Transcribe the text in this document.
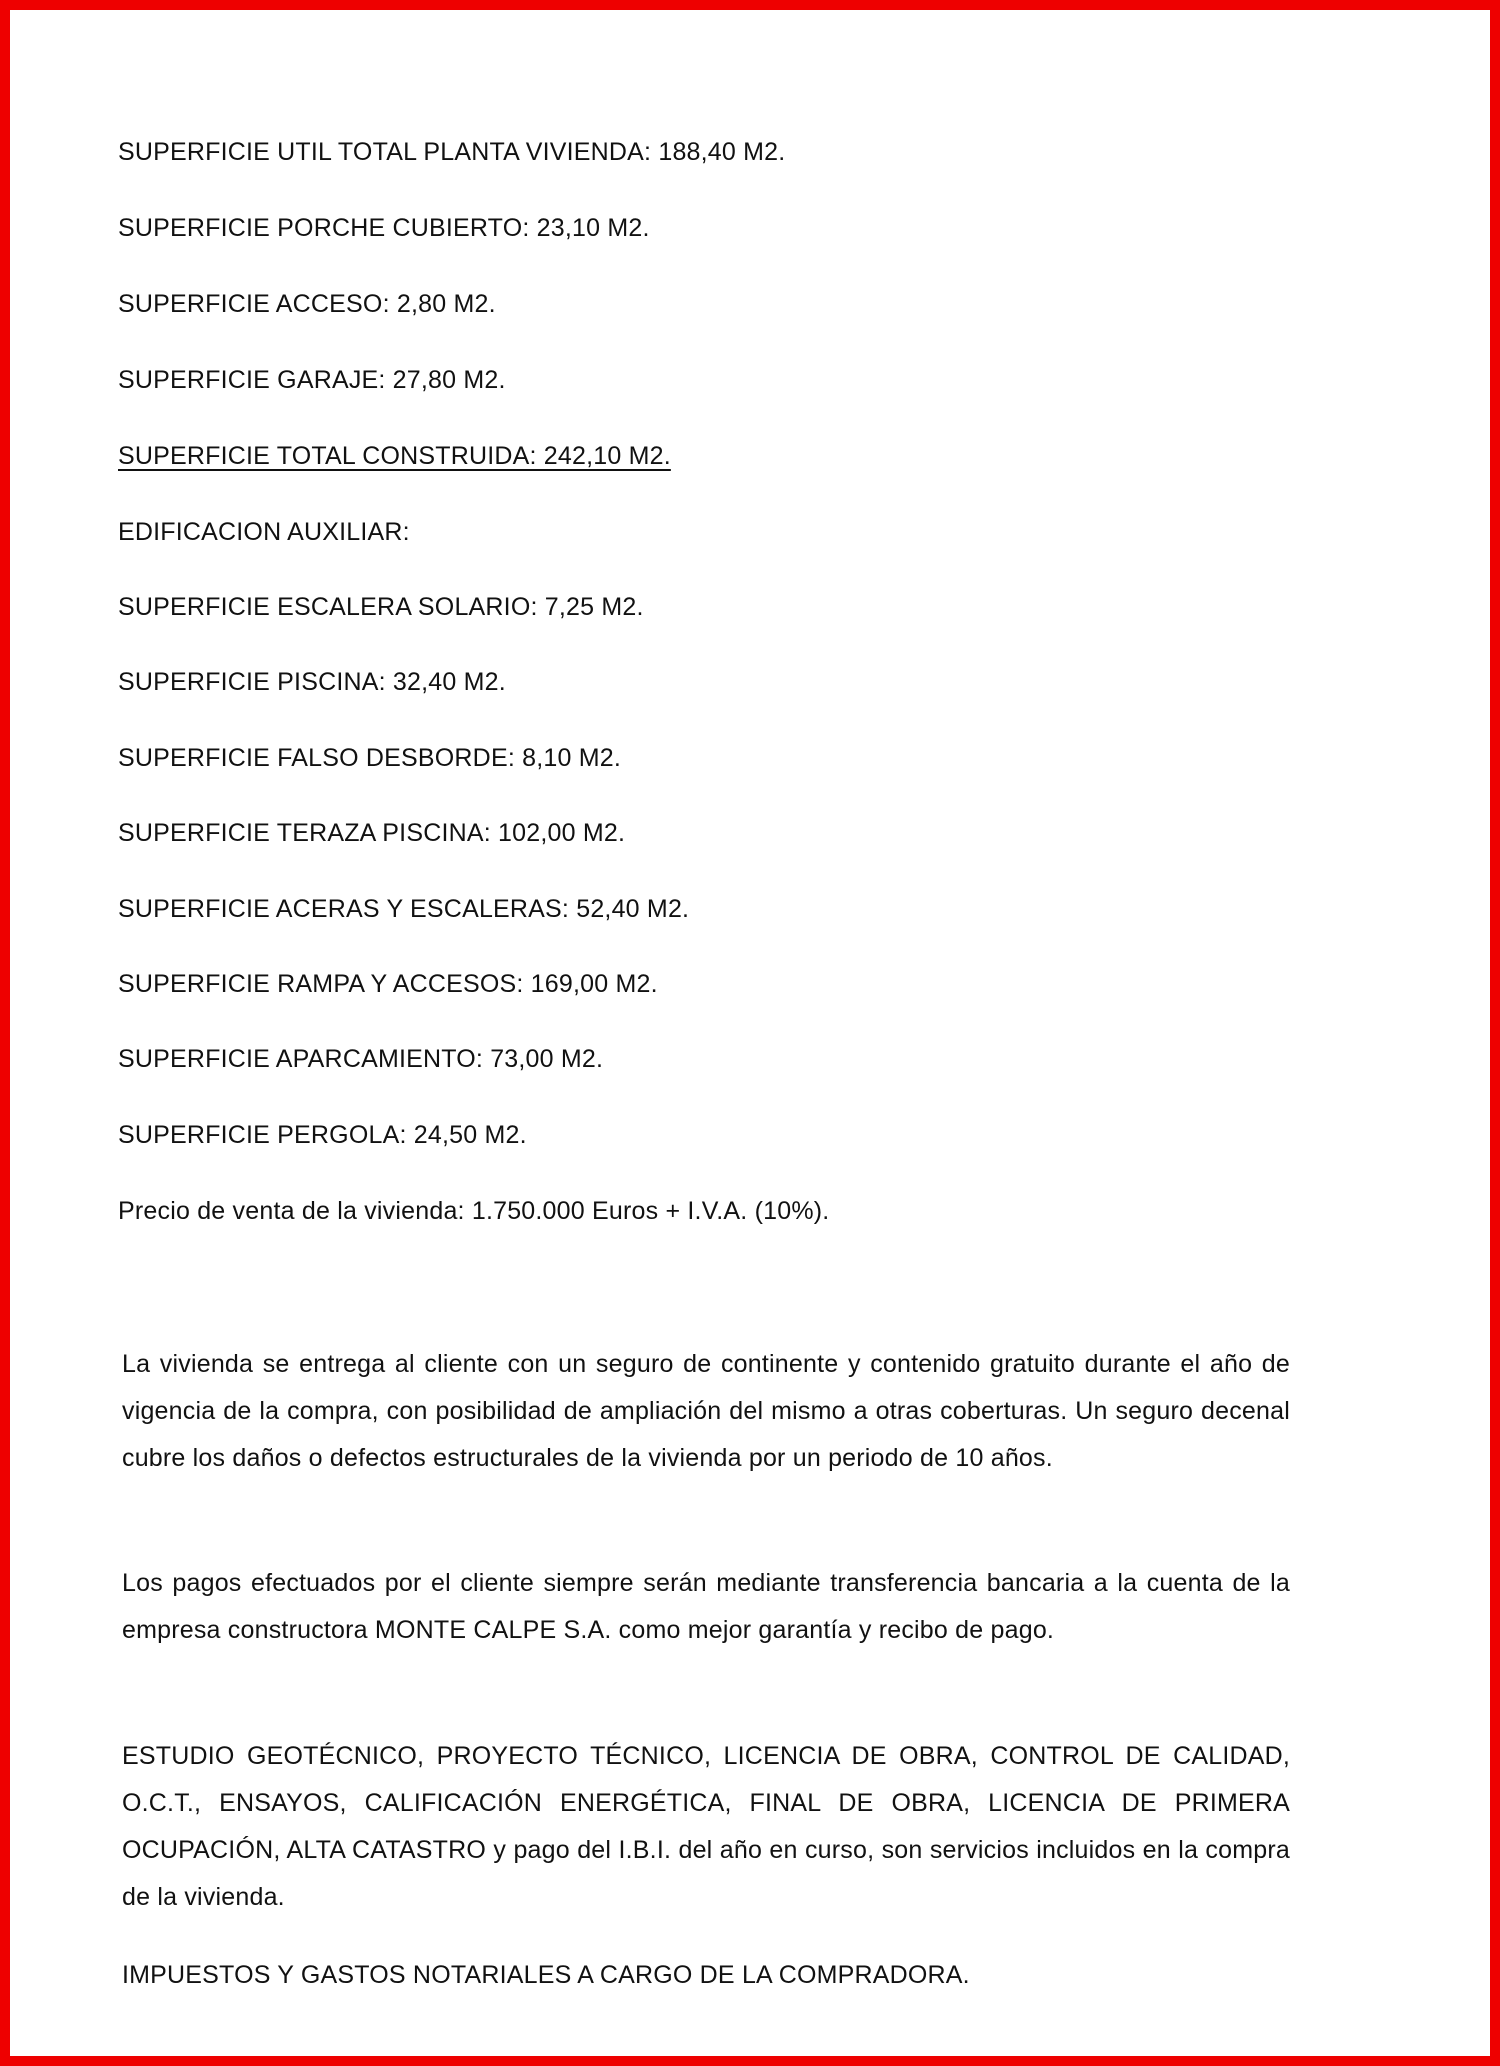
SUPERFICIE UTIL TOTAL PLANTA VIVIENDA: 188,40 M2.
SUPERFICIE PORCHE CUBIERTO: 23,10 M2.
SUPERFICIE ACCESO: 2,80 M2.
SUPERFICIE GARAJE: 27,80 M2.
SUPERFICIE TOTAL CONSTRUIDA: 242,10 M2.
EDIFICACION AUXILIAR:
SUPERFICIE ESCALERA SOLARIO: 7,25 M2.
SUPERFICIE PISCINA: 32,40 M2.
SUPERFICIE FALSO DESBORDE: 8,10 M2.
SUPERFICIE TERAZA PISCINA: 102,00 M2.
SUPERFICIE ACERAS Y ESCALERAS: 52,40 M2.
SUPERFICIE RAMPA Y ACCESOS: 169,00 M2.
SUPERFICIE APARCAMIENTO: 73,00 M2.
SUPERFICIE PERGOLA: 24,50 M2.
Precio de venta de la vivienda: 1.750.000 Euros + I.V.A. (10%).
La vivienda se entrega al cliente con un seguro de continente y contenido gratuito durante el año de vigencia de la compra, con posibilidad de ampliación del mismo a otras coberturas. Un seguro decenal cubre los daños o defectos estructurales de la vivienda por un periodo de 10 años.
Los pagos efectuados por el cliente siempre serán mediante transferencia bancaria a la cuenta de la empresa constructora MONTE CALPE S.A. como mejor garantía y recibo de pago.
ESTUDIO GEOTÉCNICO, PROYECTO TÉCNICO, LICENCIA DE OBRA, CONTROL DE CALIDAD, O.C.T., ENSAYOS, CALIFICACIÓN ENERGÉTICA, FINAL DE OBRA, LICENCIA DE PRIMERA OCUPACIÓN, ALTA CATASTRO y pago del I.B.I. del año en curso, son servicios incluidos en la compra de la vivienda.
IMPUESTOS Y GASTOS NOTARIALES A CARGO DE LA COMPRADORA.
